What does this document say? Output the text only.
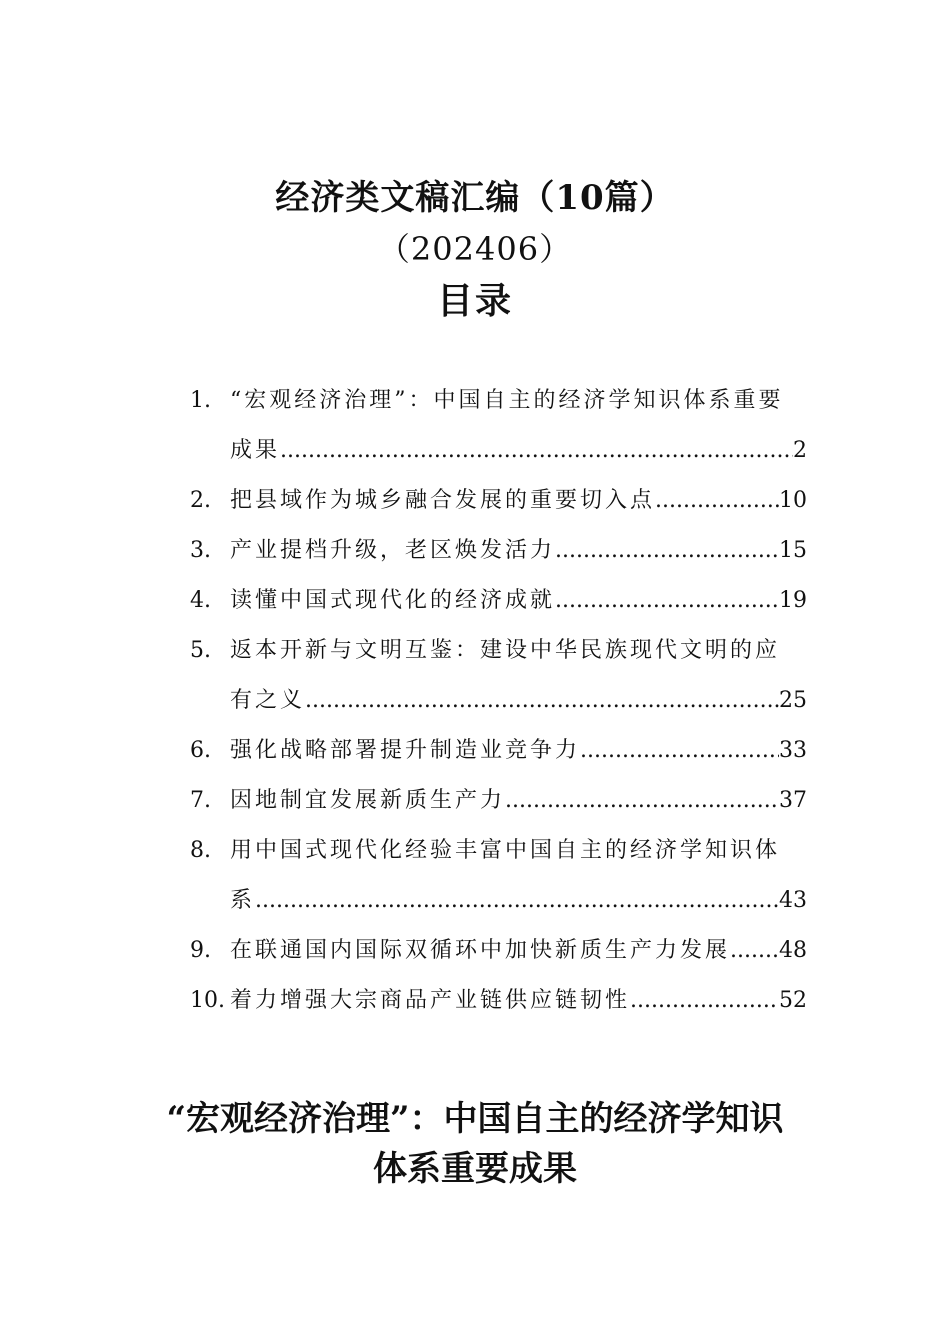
经济类文稿汇编（10篇）
（202406）
目录
1. “宏观经济治理”：中国自主的经济学知识体系重要
成果 .....	2
2. 把县域作为城乡融合发展的重要切入点 .....	10
3. 产业提档升级，老区焕发活力 .....	15
4. 读懂中国式现代化的经济成就 .....	19
5. 返本开新与文明互鉴：建设中华民族现代文明的应
有之义 .....	25
6. 强化战略部署提升制造业竞争力 .....	33
7. 因地制宜发展新质生产力 .....	37
8. 用中国式现代化经验丰富中国自主的经济学知识体
系 .....	43
9. 在联通国内国际双循环中加快新质生产力发展 ..... 48
10. 着力增强大宗商品产业链供应链韧性 .....	52
“宏观经济治理”：中国自主的经济学知识
体系重要成果
